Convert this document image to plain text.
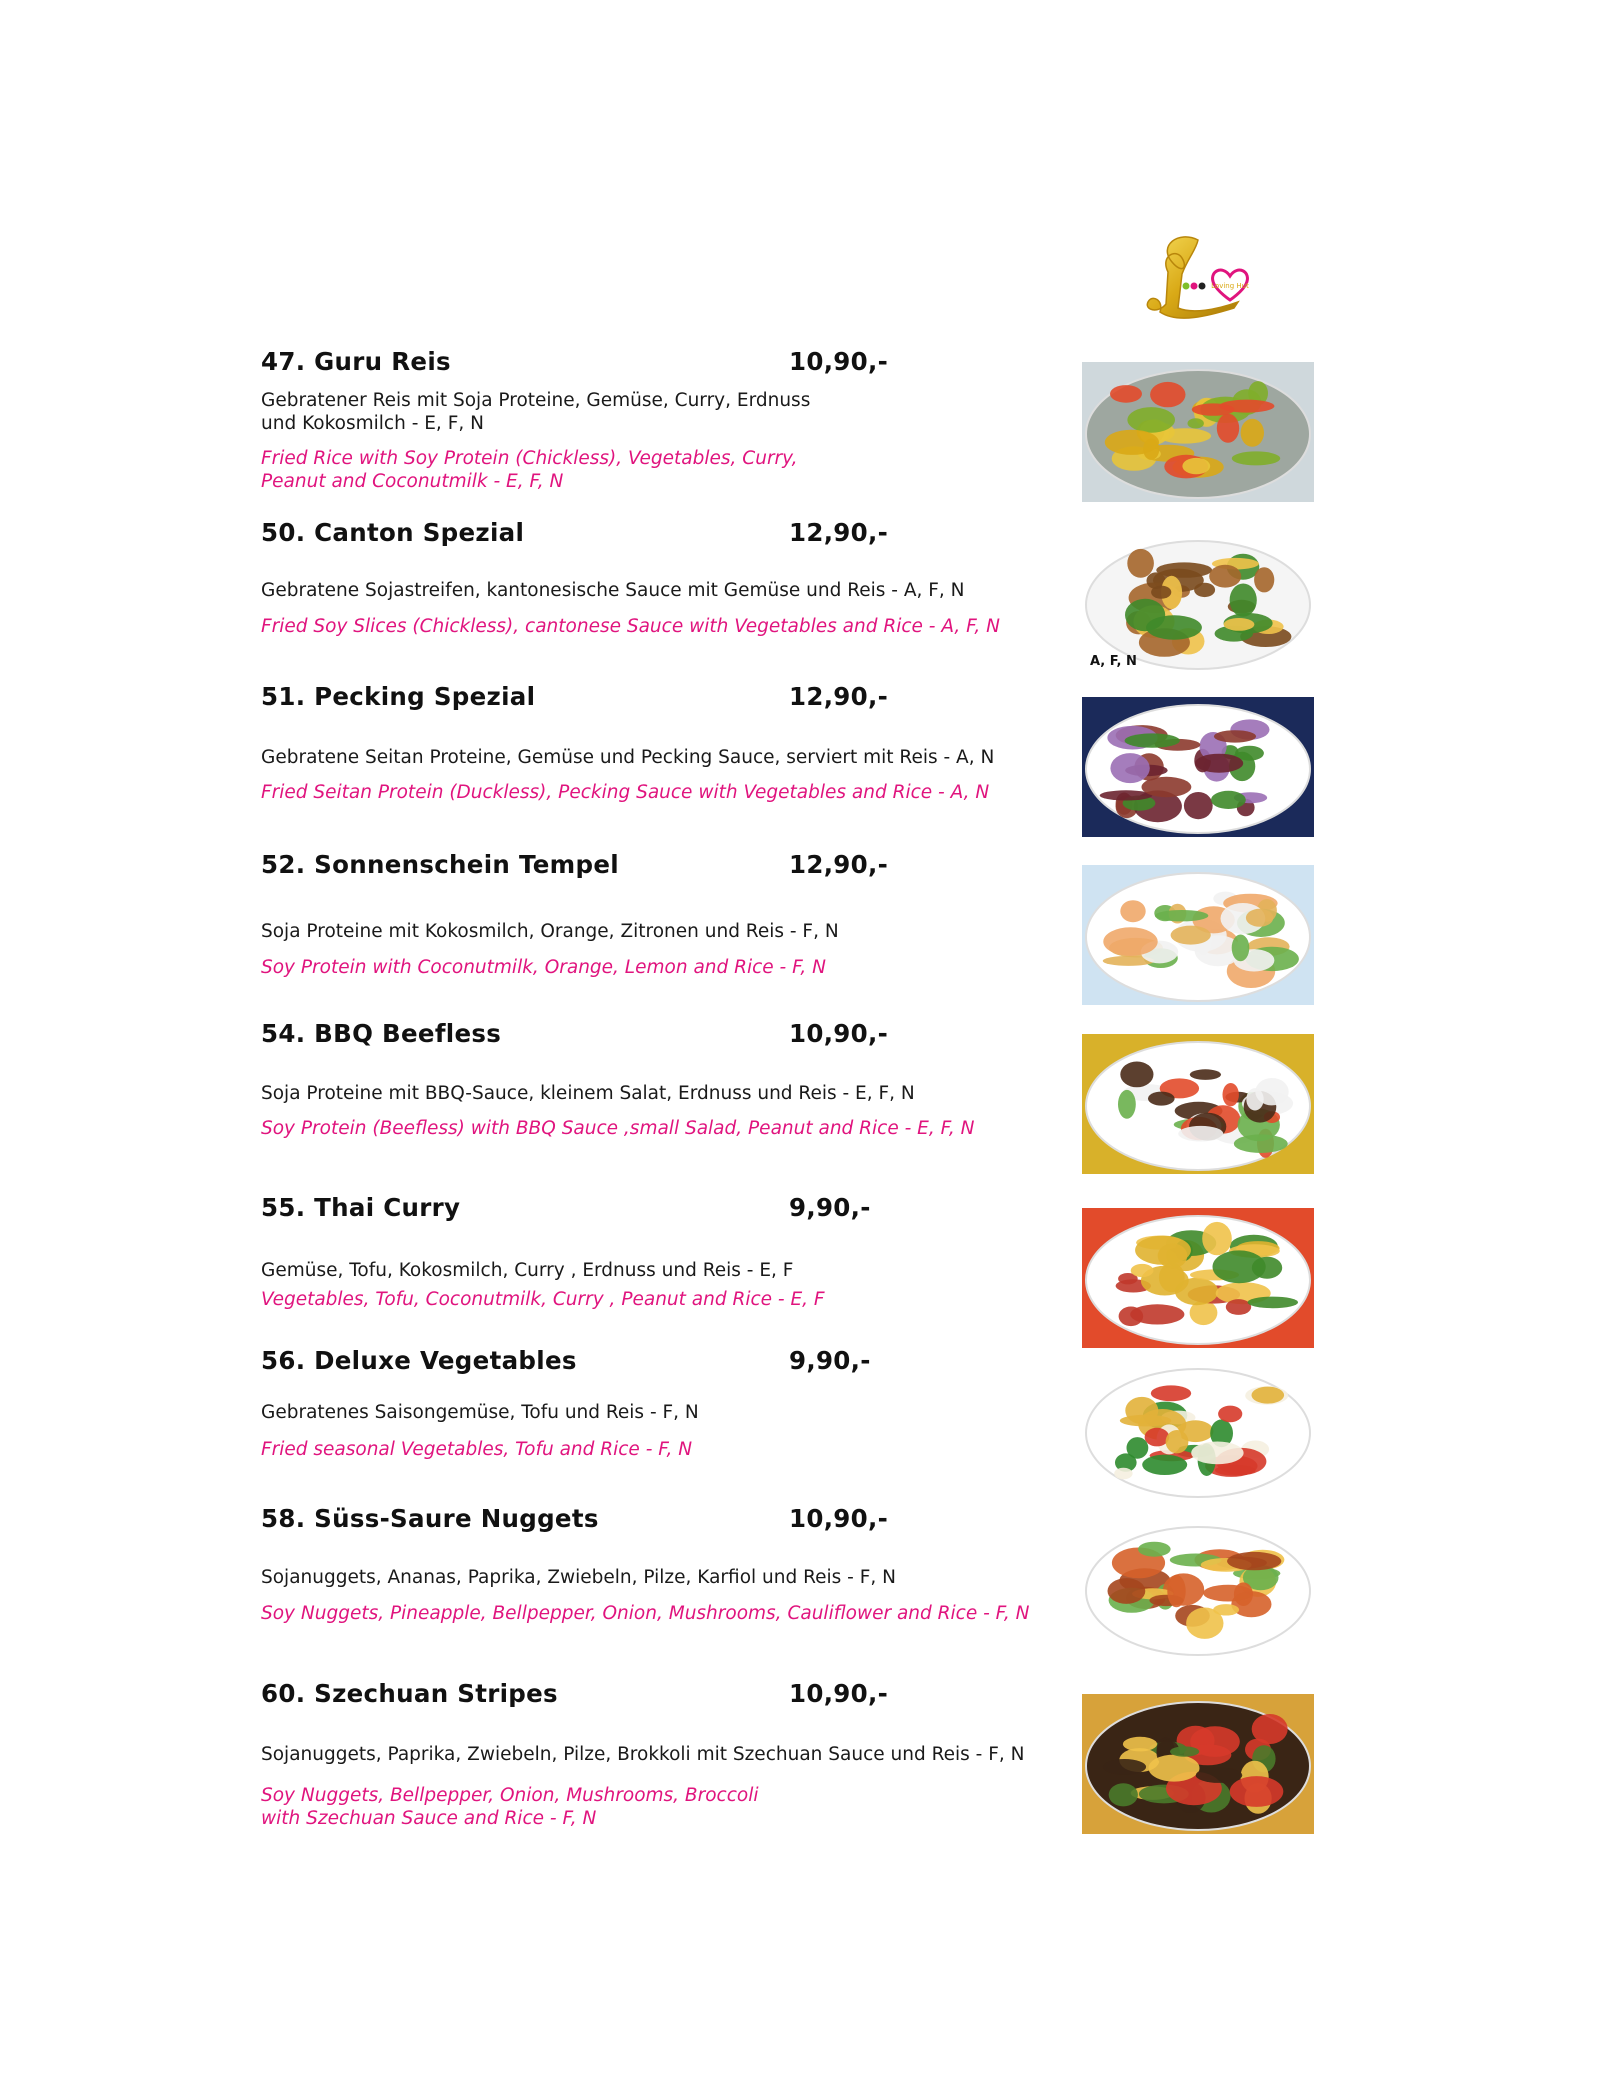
Loving Hut
47. Guru Reis	10,90,-
Gebratener Reis mit Soja Proteine, Gemüse, Curry, Erdnuss
und Kokosmilch - E, F, N
Fried Rice with Soy Protein (Chickless), Vegetables, Curry,
Peanut and Coconutmilk - E, F, N
50. Canton Spezial	12,90,-
Gebratene Sojastreifen, kantonesische Sauce mit Gemüse und Reis - A, F, N
Fried Soy Slices (Chickless), cantonese Sauce with Vegetables and Rice - A, F, N
A, F, N
51. Pecking Spezial	12,90,-
Gebratene Seitan Proteine, Gemüse und Pecking Sauce, serviert mit Reis - A, N
Fried Seitan Protein (Duckless), Pecking Sauce with Vegetables and Rice - A, N
52. Sonnenschein Tempel	12,90,-
Soja Proteine mit Kokosmilch, Orange, Zitronen und Reis - F, N
Soy Protein with Coconutmilk, Orange, Lemon and Rice - F, N
54. BBQ Beefless	10,90,-
Soja Proteine mit BBQ-Sauce, kleinem Salat, Erdnuss und Reis - E, F, N
Soy Protein (Beefless) with BBQ Sauce ,small Salad, Peanut and Rice - E, F, N
55. Thai Curry	9,90,-
Gemüse, Tofu, Kokosmilch, Curry , Erdnuss und Reis - E, F
Vegetables, Tofu, Coconutmilk, Curry , Peanut and Rice - E, F
56. Deluxe Vegetables	9,90,-
Gebratenes Saisongemüse, Tofu und Reis - F, N
Fried seasonal Vegetables, Tofu and Rice - F, N
58. Süss-Saure Nuggets	10,90,-
Sojanuggets, Ananas, Paprika, Zwiebeln, Pilze, Karfiol und Reis - F, N
Soy Nuggets, Pineapple, Bellpepper, Onion, Mushrooms, Cauliflower and Rice - F, N
60. Szechuan Stripes	10,90,-
Sojanuggets, Paprika, Zwiebeln, Pilze, Brokkoli mit Szechuan Sauce und Reis - F, N
Soy Nuggets, Bellpepper, Onion, Mushrooms, Broccoli
with Szechuan Sauce and Rice - F, N
